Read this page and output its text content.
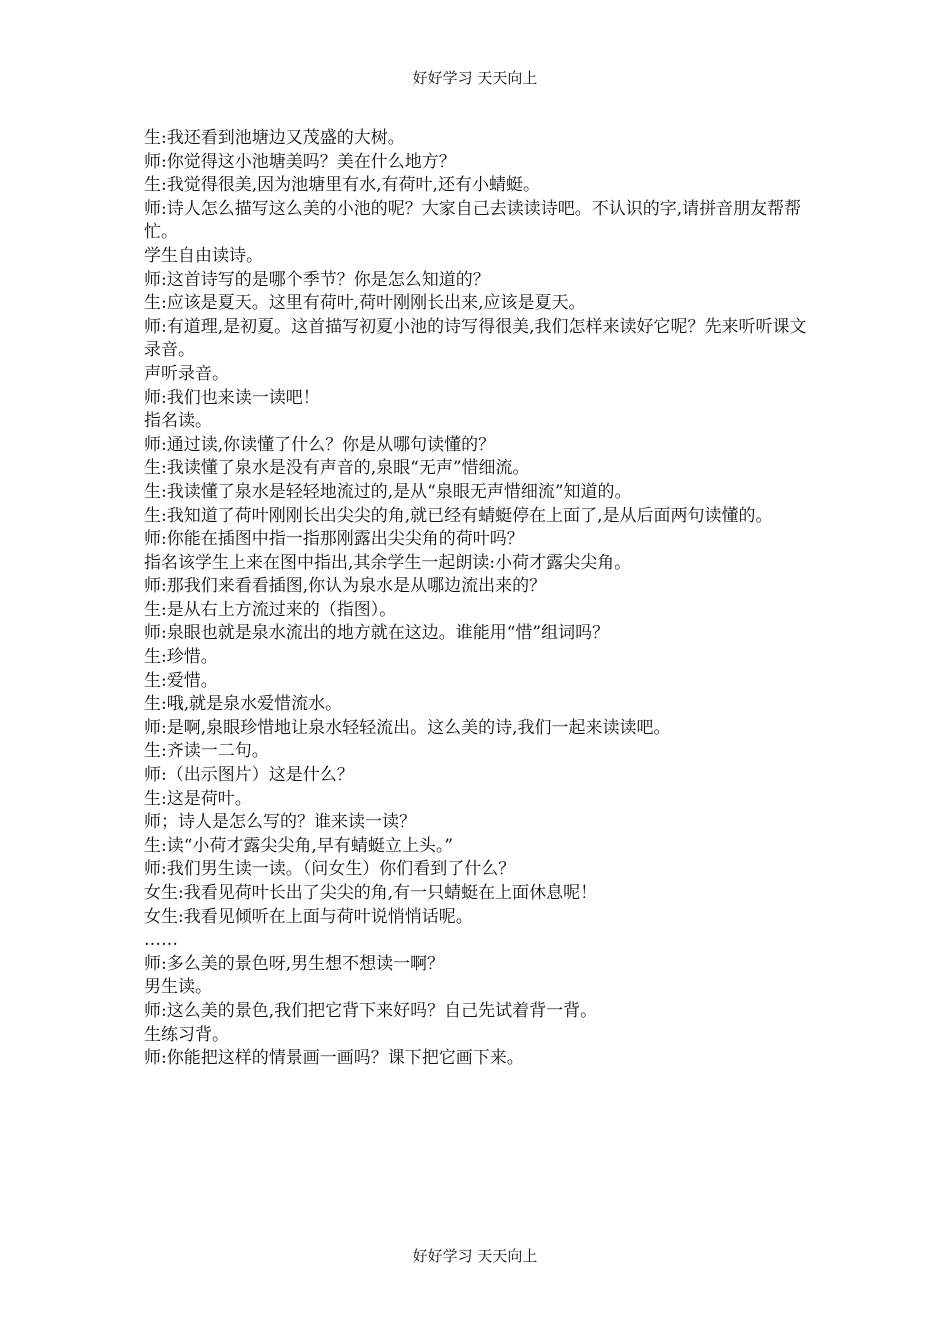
好好学习 天天向上
生:我还看到池塘边又茂盛的大树。
师:你觉得这小池塘美吗？美在什么地方？
生:我觉得很美,因为池塘里有水,有荷叶,还有小蜻蜓。
师:诗人怎么描写这么美的小池的呢？大家自己去读读诗吧。不认识的字,请拼音朋友帮帮忙。
学生自由读诗。
师:这首诗写的是哪个季节？你是怎么知道的？
生:应该是夏天。这里有荷叶,荷叶刚刚长出来,应该是夏天。
师:有道理,是初夏。这首描写初夏小池的诗写得很美,我们怎样来读好它呢？先来听听课文录音。
声听录音。
师:我们也来读一读吧！
指名读。
师:通过读,你读懂了什么？你是从哪句读懂的？
生:我读懂了泉水是没有声音的,泉眼“无声”惜细流。
生:我读懂了泉水是轻轻地流过的,是从“泉眼无声惜细流”知道的。
生:我知道了荷叶刚刚长出尖尖的角,就已经有蜻蜓停在上面了,是从后面两句读懂的。
师:你能在插图中指一指那刚露出尖尖角的荷叶吗？
指名该学生上来在图中指出,其余学生一起朗读:小荷才露尖尖角。
师:那我们来看看插图,你认为泉水是从哪边流出来的？
生:是从右上方流过来的（指图）。
师:泉眼也就是泉水流出的地方就在这边。谁能用“惜”组词吗？
生:珍惜。
生:爱惜。
生:哦,就是泉水爱惜流水。
师:是啊,泉眼珍惜地让泉水轻轻流出。这么美的诗,我们一起来读读吧。
生:齐读一二句。
师:（出示图片）这是什么？
生:这是荷叶。
师；诗人是怎么写的？谁来读一读？
生:读“小荷才露尖尖角,早有蜻蜓立上头。”
师:我们男生读一读。（问女生）你们看到了什么？
女生:我看见荷叶长出了尖尖的角,有一只蜻蜓在上面休息呢！
女生:我看见倾听在上面与荷叶说悄悄话呢。
……
师:多么美的景色呀,男生想不想读一啊？
男生读。
师:这么美的景色,我们把它背下来好吗？自己先试着背一背。
生练习背。
师:你能把这样的情景画一画吗？课下把它画下来。
好好学习 天天向上
